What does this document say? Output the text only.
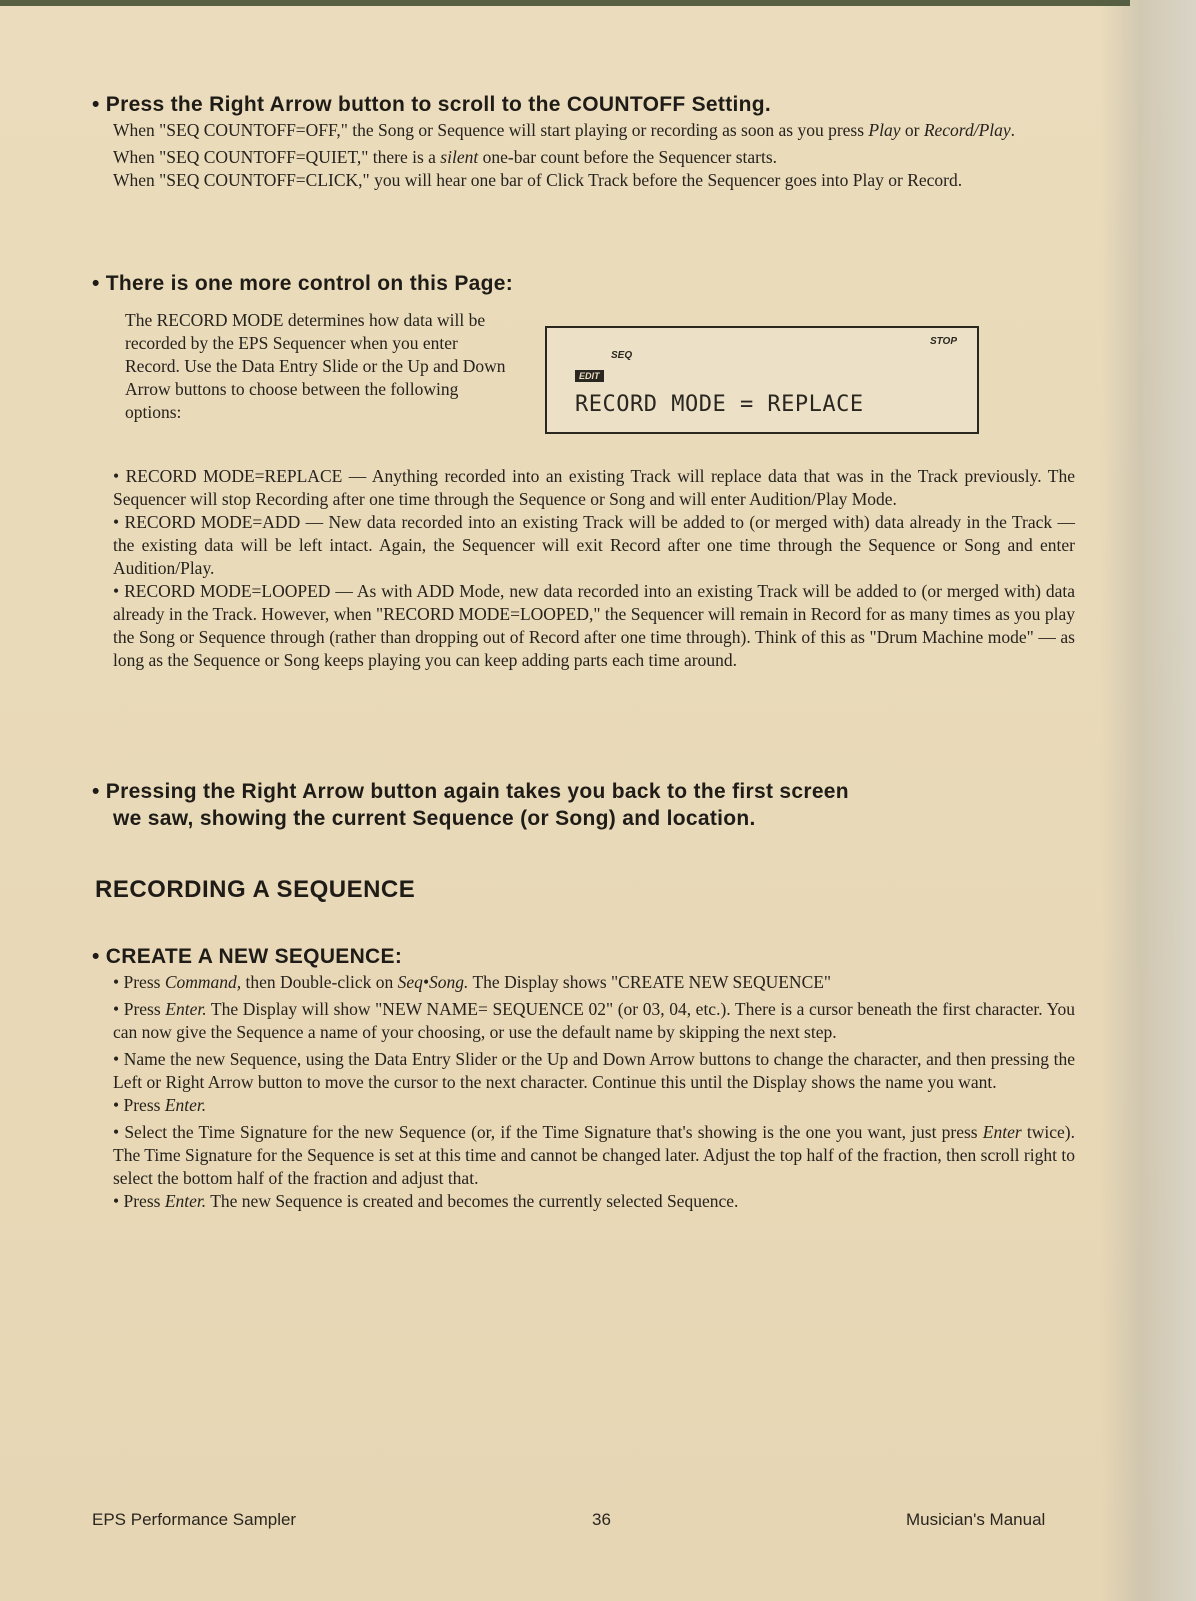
• Press the Right Arrow button to scroll to the COUNTOFF Setting.

When "SEQ COUNTOFF=OFF," the Song or Sequence will start playing or recording as soon as you press Play or Record/Play.

When "SEQ COUNTOFF=QUIET," there is a silent one-bar count before the Sequencer starts.

When "SEQ COUNTOFF=CLICK," you will hear one bar of Click Track before the Sequencer goes into Play or Record.

• There is one more control on this Page:
The RECORD MODE determines how data will be recorded by the EPS Sequencer when you enter Record. Use the Data Entry Slide or the Up and Down Arrow buttons to choose between the following options:
SEQ
STOP
EDIT
RECORD MODE = REPLACE

• RECORD MODE=REPLACE — Anything recorded into an existing Track will replace data that was in the Track previously. The Sequencer will stop Recording after one time through the Sequence or Song and will enter Audition/Play Mode.

• RECORD MODE=ADD — New data recorded into an existing Track will be added to (or merged with) data already in the Track — the existing data will be left intact. Again, the Sequencer will exit Record after one time through the Sequence or Song and enter Audition/Play.

• RECORD MODE=LOOPED — As with ADD Mode, new data recorded into an existing Track will be added to (or merged with) data already in the Track. However, when "RECORD MODE=LOOPED," the Sequencer will remain in Record for as many times as you play the Song or Sequence through (rather than dropping out of Record after one time through). Think of this as "Drum Machine mode" — as long as the Sequence or Song keeps playing you can keep adding parts each time around.

• Pressing the Right Arrow button again takes you back to the first screen
we saw, showing the current Sequence (or Song) and location.
RECORDING A SEQUENCE
• CREATE A NEW SEQUENCE:

• Press Command, then Double-click on Seq•Song. The Display shows "CREATE NEW SEQUENCE"

• Press Enter. The Display will show "NEW NAME= SEQUENCE 02" (or 03, 04, etc.). There is a cursor beneath the first character. You can now give the Sequence a name of your choosing, or use the default name by skipping the next step.

• Name the new Sequence, using the Data Entry Slider or the Up and Down Arrow buttons to change the character, and then pressing the Left or Right Arrow button to move the cursor to the next character. Continue this until the Display shows the name you want.

• Press Enter.

• Select the Time Signature for the new Sequence (or, if the Time Signature that's showing is the one you want, just press Enter twice). The Time Signature for the Sequence is set at this time and cannot be changed later. Adjust the top half of the fraction, then scroll right to select the bottom half of the fraction and adjust that.

• Press Enter. The new Sequence is created and becomes the currently selected Sequence.

EPS Performance Sampler	36	Musician's Manual
